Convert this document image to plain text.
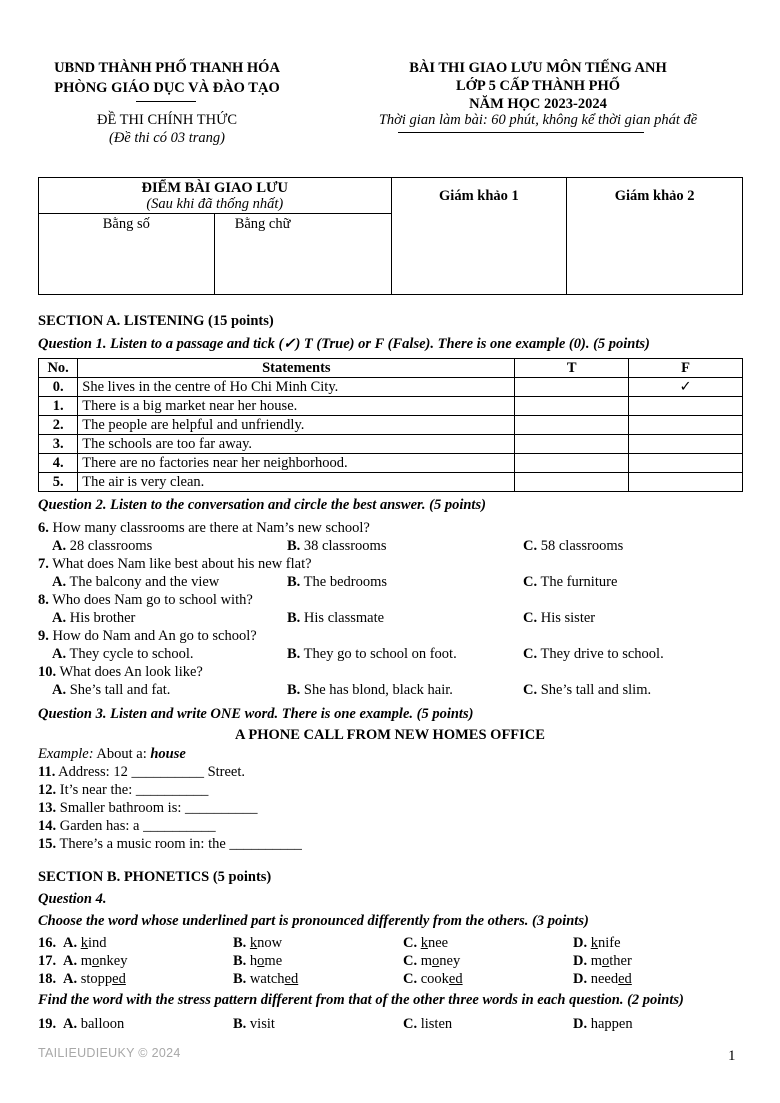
UBND THÀNH PHỐ THANH HÓA
PHÒNG GIÁO DỤC VÀ ĐÀO TẠO
ĐỀ THI CHÍNH THỨC
(Đề thi có 03 trang)
BÀI THI GIAO LƯU MÔN TIẾNG ANH
LỚP 5 CẤP THÀNH PHỐ
NĂM HỌC 2023-2024
Thời gian làm bài: 60 phút, không kể thời gian phát đề
ĐIỂM BÀI GIAO LƯU
(Sau khi đã thống nhất)		Giám khảo 1	Giám khảo 2
Bằng số	Bằng chữ		
SECTION A. LISTENING (15 points)
Question 1. Listen to a passage and tick (✓) T (True) or F (False). There is one example (0). (5 points)
No.	Statements	T	F
0.	She lives in the centre of Ho Chi Minh City.		✓
1.	There is a big market near her house.		
2.	The people are helpful and unfriendly.		
3.	The schools are too far away.		
4.	There are no factories near her neighborhood.		
5.	The air is very clean.		
Question 2. Listen to the conversation and circle the best answer. (5 points)
6. How many classrooms are there at Nam’s new school?
A. 28 classrooms	B. 38 classrooms	C. 58 classrooms
7. What does Nam like best about his new flat?
A. The balcony and the view	B. The bedrooms	C. The furniture
8. Who does Nam go to school with?
A. His brother	B. His classmate	C. His sister
9. How do Nam and An go to school?
A. They cycle to school.	B. They go to school on foot.	C. They drive to school.
10. What does An look like?
A. She’s tall and fat.	B. She has blond, black hair.	C. She’s tall and slim.
Question 3. Listen and write ONE word. There is one example. (5 points)
A PHONE CALL FROM NEW HOMES OFFICE
Example: About a: house
11. Address: 12 __________ Street.
12. It’s near the: __________
13. Smaller bathroom is: __________
14. Garden has: a __________
15. There’s a music room in: the __________
SECTION B. PHONETICS (5 points)
Question 4.
Choose the word whose underlined part is pronounced differently from the others. (3 points)
16. A. kind	B. know	C. knee	D. knife
17. A. monkey	B. home	C. money	D. mother
18. A. stopped	B. watched	C. cooked	D. needed
Find the word with the stress pattern different from that of the other three words in each question. (2 points)
19. A. balloon	B. visit	C. listen	D. happen
TAILIEUDIEUKY © 2024	1
